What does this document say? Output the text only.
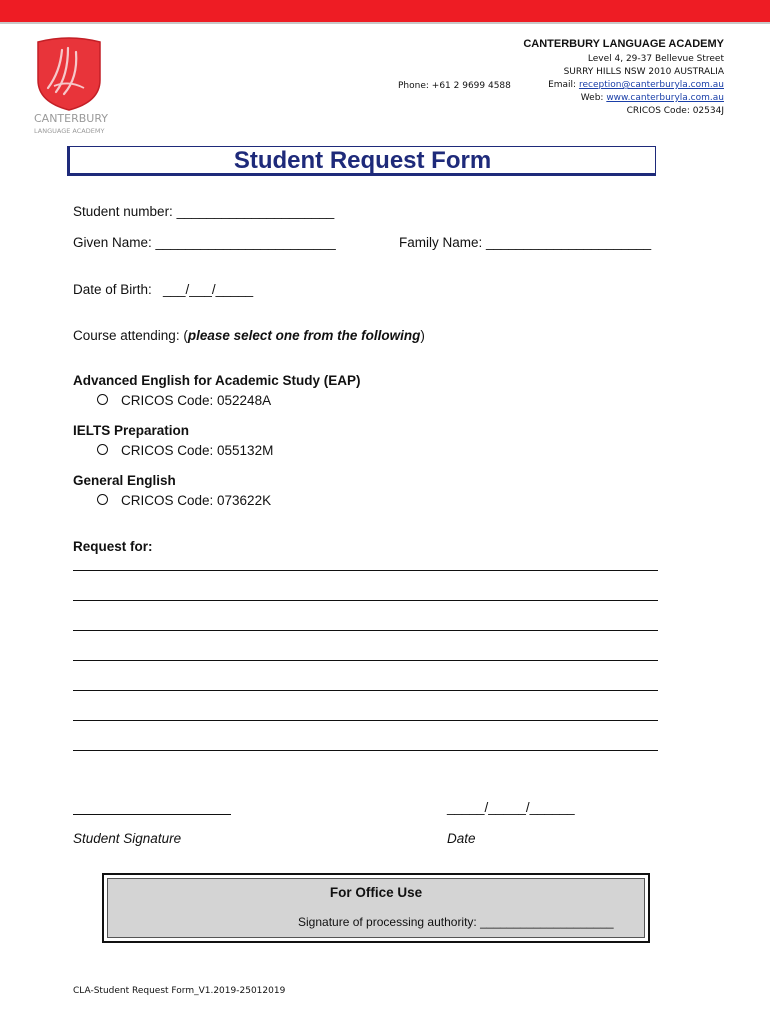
CANTERBURY
LANGUAGE ACADEMY
Phone: +61 2 9699 4588
CANTERBURY LANGUAGE ACADEMY
Level 4, 29-37 Bellevue Street
SURRY HILLS NSW 2010 AUSTRALIA
Email: reception@canterburyla.com.au
Web: www.canterburyla.com.au
CRICOS Code: 02534J
Student Request Form
Student number: _____________________
Given Name: ________________________	Family Name: ______________________
Date of Birth:   ___/___/_____
Course attending: (please select one from the following)
Advanced English for Academic Study (EAP)
CRICOS Code: 052248A
IELTS Preparation
CRICOS Code: 055132M
General English
CRICOS Code: 073622K
Request for:
_____/_____/______
Student Signature	Date
For Office Use
Signature of processing authority: ____________________
CLA-Student Request Form_V1.2019-25012019
